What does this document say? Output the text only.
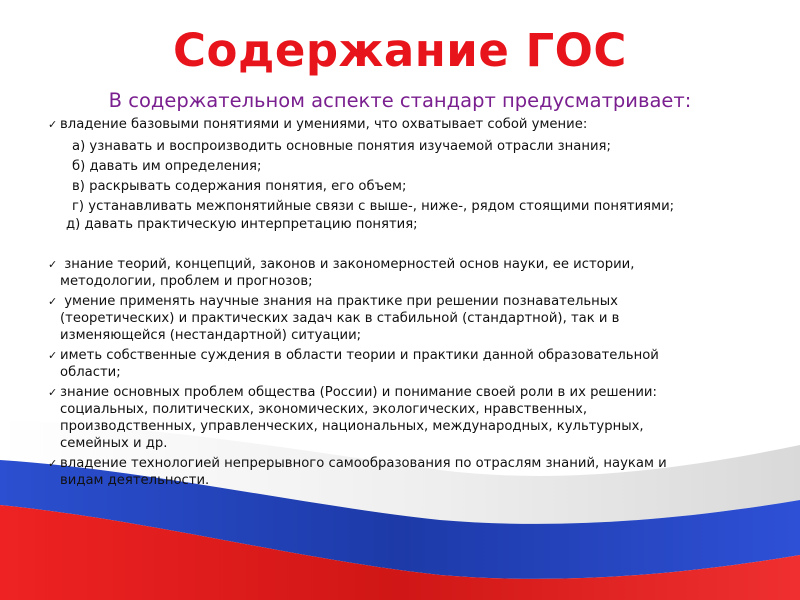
Содержание ГОС
В содержательном аспекте стандарт предусматривает:
✓ владение базовыми понятиями и умениями, что охватывает собой умение:
а) узнавать и воспроизводить основные понятия изучаемой отрасли знания;
б) давать им определения;
в) раскрывать содержания понятия, его объем;
г) устанавливать межпонятийные связи с выше-, ниже-, рядом стоящими понятиями;
д) давать практическую интерпретацию понятия;
✓ знание теорий, концепций, законов и закономерностей основ науки, ее истории,
методологии, проблем и прогнозов;
✓ умение применять научные знания на практике при решении познавательных
(теоретических) и практических задач как в стабильной (стандартной), так и в
изменяющейся (нестандартной) ситуации;
✓ иметь собственные суждения в области теории и практики данной образовательной
области;
✓ знание основных проблем общества (России) и понимание своей роли в их решении:
социальных, политических, экономических, экологических, нравственных,
производственных, управленческих, национальных, международных, культурных,
семейных и др.
✓ владение технологией непрерывного самообразования по отраслям знаний, наукам и
видам деятельности.
